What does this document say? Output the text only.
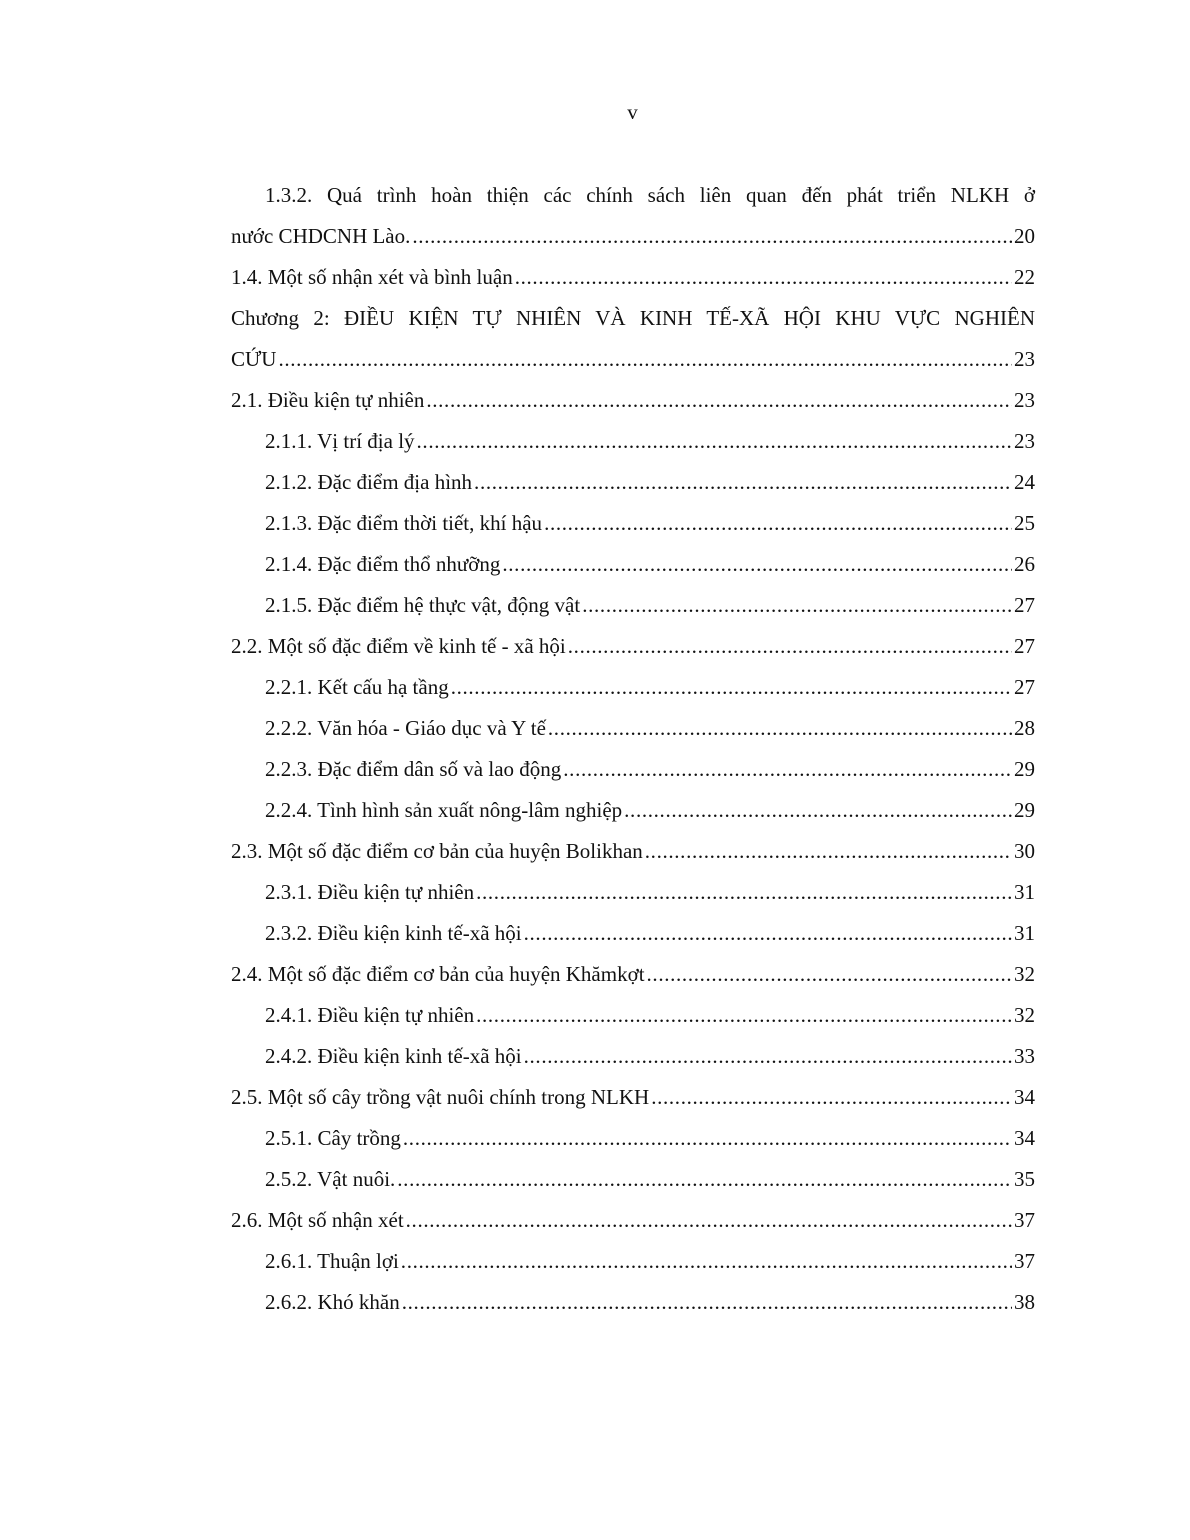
v
1.3.2. Quá trình hoàn thiện các chính sách liên quan đến phát triển NLKH ở
nước CHDCNH Lào. . . .	20
1.4. Một số nhận xét và bình luận . . .	22
Chương 2: ĐIỀU KIỆN TỰ NHIÊN VÀ KINH TẾ-XÃ HỘI KHU VỰC NGHIÊN
CỨU . . .	23
2.1. Điều kiện tự nhiên . . .	23
2.1.1. Vị trí địa lý . . .	23
2.1.2. Đặc điểm địa hình . . .	24
2.1.3. Đặc điểm thời tiết, khí hậu . . .	25
2.1.4. Đặc điểm thổ nhưỡng . . .	26
2.1.5. Đặc điểm hệ thực vật, động vật . . .	27
2.2. Một số đặc điểm về kinh tế - xã hội . . .	27
2.2.1. Kết cấu hạ tầng . . .	27
2.2.2. Văn hóa - Giáo dục và Y tế . . .	28
2.2.3. Đặc điểm dân số và lao động . . .	29
2.2.4. Tình hình sản xuất nông-lâm nghiệp . . .	29
2.3. Một số đặc điểm cơ bản của huyện Bolikhan . . .	30
2.3.1. Điều kiện tự nhiên . . .	31
2.3.2. Điều kiện kinh tế-xã hội . . .	31
2.4. Một số đặc điểm cơ bản của huyện Khămkợt . . .	32
2.4.1. Điều kiện tự nhiên . . .	32
2.4.2. Điều kiện kinh tế-xã hội . . .	33
2.5. Một số cây trồng vật nuôi chính trong NLKH . . .	34
2.5.1. Cây trồng . . .	34
2.5.2. Vật nuôi. . . .	35
2.6. Một số nhận xét . . .	37
2.6.1. Thuận lợi . . .	37
2.6.2. Khó khăn . . .	38
